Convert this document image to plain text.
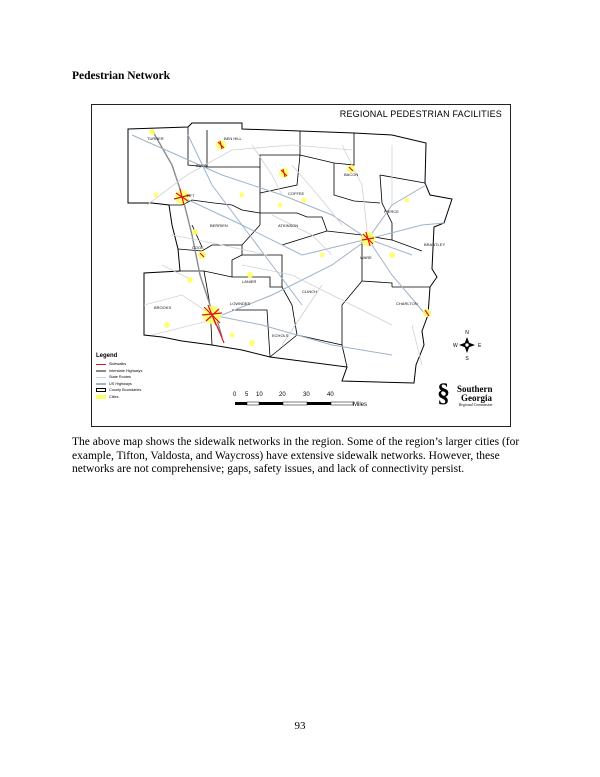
Pedestrian Network
N
S
E
W
REGIONAL PEDESTRIAN FACILITIES
TURNER	BEN HILL
IRWIN
TIFT	COFFEE
BACON
BERRIEN	ATKINSON
PIERCE
COOK
BRANTLEY
WARE
LANIER
CLINCH
BROOKS
LOWNDES	CHARLTON
ECHOLS
Legend
Sidewalks
Interstate Highways
State Routes
US Highways
County Boundaries
Cities	0 5 10	20	30	40
Miles	§ Southern
Georgia
Regional Commission
The above map shows the sidewalk networks in the region. Some of the region’s larger cities (for example, Tifton, Valdosta, and Waycross) have extensive sidewalk networks. However, these networks are not comprehensive; gaps, safety issues, and lack of connectivity persist.
93
